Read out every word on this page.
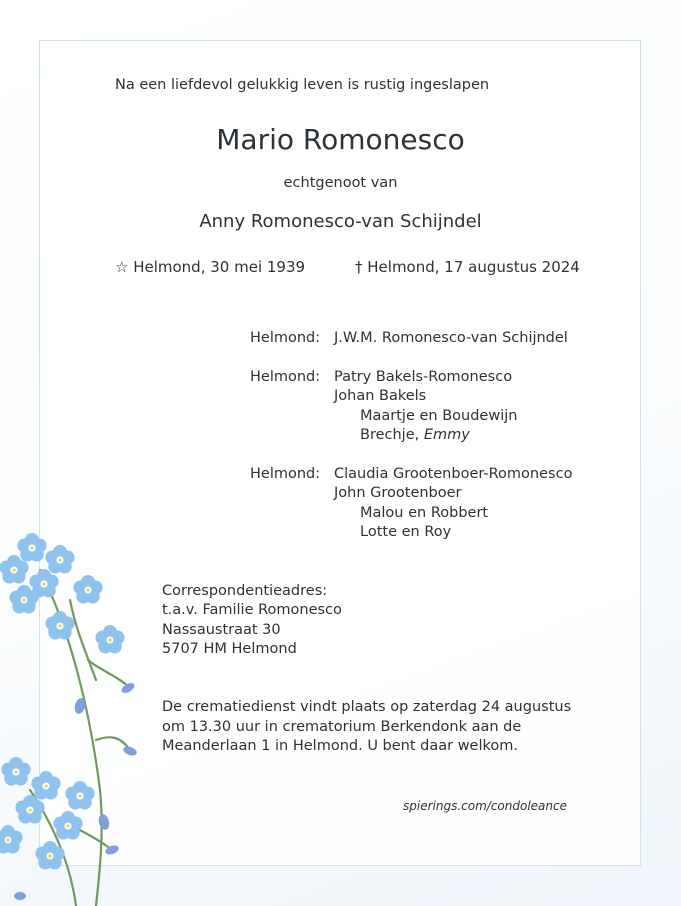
Na een liefdevol gelukkig leven is rustig ingeslapen
Mario Romonesco
echtgenoot van
Anny Romonesco-van Schijndel
☆ Helmond, 30 mei 1939	† Helmond, 17 augustus 2024
Helmond: J.W.M. Romonesco-van Schijndel
Helmond: Patry Bakels-Romonesco
Johan Bakels
Maartje en Boudewijn
Brechje, Emmy
Helmond: Claudia Grootenboer-Romonesco
John Grootenboer
Malou en Robbert
Lotte en Roy
Correspondentieadres:
t.a.v. Familie Romonesco
Nassaustraat 30
5707 HM Helmond
De crematiedienst vindt plaats op zaterdag 24 augustus
om 13.30 uur in crematorium Berkendonk aan de
Meanderlaan 1 in Helmond. U bent daar welkom.
spierings.com/condoleance
